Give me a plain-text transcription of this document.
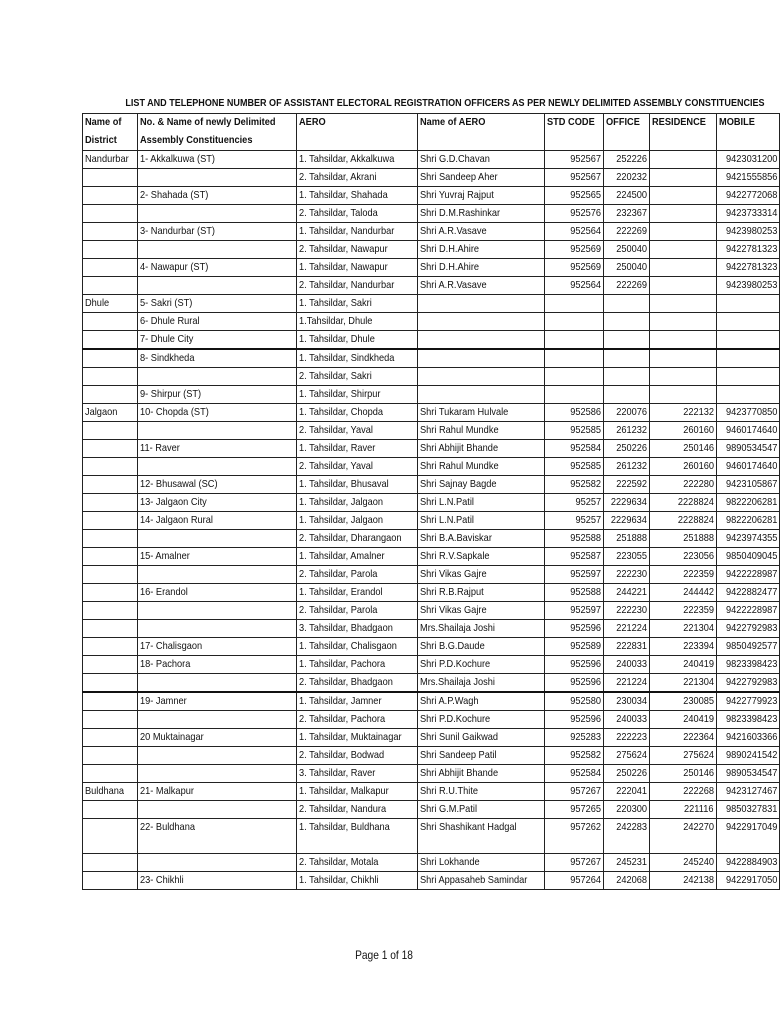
LIST AND TELEPHONE NUMBER OF ASSISTANT ELECTORAL REGISTRATION OFFICERS AS PER NEWLY DELIMITED ASSEMBLY CONSTITUENCIES
Name of	No. & Name of newly Delimited	AERO	Name of AERO	STD CODE	OFFICE	RESIDENCE	MOBILE
District	Assembly Constituencies						
Nandurbar	1- Akkalkuwa (ST)	1. Tahsildar, Akkalkuwa	Shri G.D.Chavan	952567	252226		9423031200
		2. Tahsildar, Akrani	Shri Sandeep Aher	952567	220232		9421555856
	2- Shahada (ST)	1. Tahsildar, Shahada	Shri Yuvraj Rajput	952565	224500		9422772068
		2. Tahsildar, Taloda	Shri D.M.Rashinkar	952576	232367		9423733314
	3- Nandurbar (ST)	1. Tahsildar, Nandurbar	Shri A.R.Vasave	952564	222269		9423980253
		2. Tahsildar, Nawapur	Shri D.H.Ahire	952569	250040		9422781323
	4- Nawapur (ST)	1. Tahsildar, Nawapur	Shri D.H.Ahire	952569	250040		9422781323
		2. Tahsildar, Nandurbar	Shri A.R.Vasave	952564	222269		9423980253
Dhule	5- Sakri (ST)	1. Tahsildar, Sakri					
	6- Dhule Rural	1.Tahsildar, Dhule					
	7- Dhule City	1. Tahsildar, Dhule					
	8- Sindkheda	1. Tahsildar, Sindkheda					
		2. Tahsildar, Sakri					
	9- Shirpur (ST)	1. Tahsildar, Shirpur					
Jalgaon	10- Chopda (ST)	1. Tahsildar, Chopda	Shri Tukaram Hulvale	952586	220076	222132	9423770850
		2. Tahsildar, Yaval	Shri Rahul Mundke	952585	261232	260160	9460174640
	11- Raver	1. Tahsildar, Raver	Shri Abhijit Bhande	952584	250226	250146	9890534547
		2. Tahsildar, Yaval	Shri Rahul Mundke	952585	261232	260160	9460174640
	12- Bhusawal (SC)	1. Tahsildar, Bhusaval	Shri Sajnay Bagde	952582	222592	222280	9423105867
	13- Jalgaon City	1. Tahsildar, Jalgaon	Shri L.N.Patil	95257	2229634	2228824	9822206281
	14- Jalgaon Rural	1. Tahsildar, Jalgaon	Shri L.N.Patil	95257	2229634	2228824	9822206281
		2. Tahsildar, Dharangaon	Shri B.A.Baviskar	952588	251888	251888	9423974355
	15- Amalner	1. Tahsildar, Amalner	Shri R.V.Sapkale	952587	223055	223056	9850409045
		2. Tahsildar, Parola	Shri Vikas Gajre	952597	222230	222359	9422228987
	16- Erandol	1. Tahsildar, Erandol	Shri R.B.Rajput	952588	244221	244442	9422882477
		2. Tahsildar, Parola	Shri Vikas Gajre	952597	222230	222359	9422228987
		3. Tahsildar, Bhadgaon	Mrs.Shailaja Joshi	952596	221224	221304	9422792983
	17- Chalisgaon	1. Tahsildar, Chalisgaon	Shri B.G.Daude	952589	222831	223394	9850492577
	18- Pachora	1. Tahsildar, Pachora	Shri P.D.Kochure	952596	240033	240419	9823398423
		2. Tahsildar, Bhadgaon	Mrs.Shailaja Joshi	952596	221224	221304	9422792983
	19- Jamner	1. Tahsildar, Jamner	Shri A.P.Wagh	952580	230034	230085	9422779923
		2. Tahsildar, Pachora	Shri P.D.Kochure	952596	240033	240419	9823398423
	20 Muktainagar	1. Tahsildar, Muktainagar	Shri Sunil Gaikwad	925283	222223	222364	9421603366
		2. Tahsildar, Bodwad	Shri Sandeep Patil	952582	275624	275624	9890241542
		3. Tahsildar, Raver	Shri Abhijit Bhande	952584	250226	250146	9890534547
Buldhana	21- Malkapur	1. Tahsildar, Malkapur	Shri R.U.Thite	957267	222041	222268	9423127467
		2. Tahsildar, Nandura	Shri G.M.Patil	957265	220300	221116	9850327831
	22- Buldhana	1. Tahsildar, Buldhana	Shri Shashikant Hadgal	957262	242283	242270	9422917049
		2. Tahsildar, Motala	Shri Lokhande	957267	245231	245240	9422884903
	23- Chikhli	1. Tahsildar, Chikhli	Shri Appasaheb Samindar	957264	242068	242138	9422917050
Page 1 of 18
